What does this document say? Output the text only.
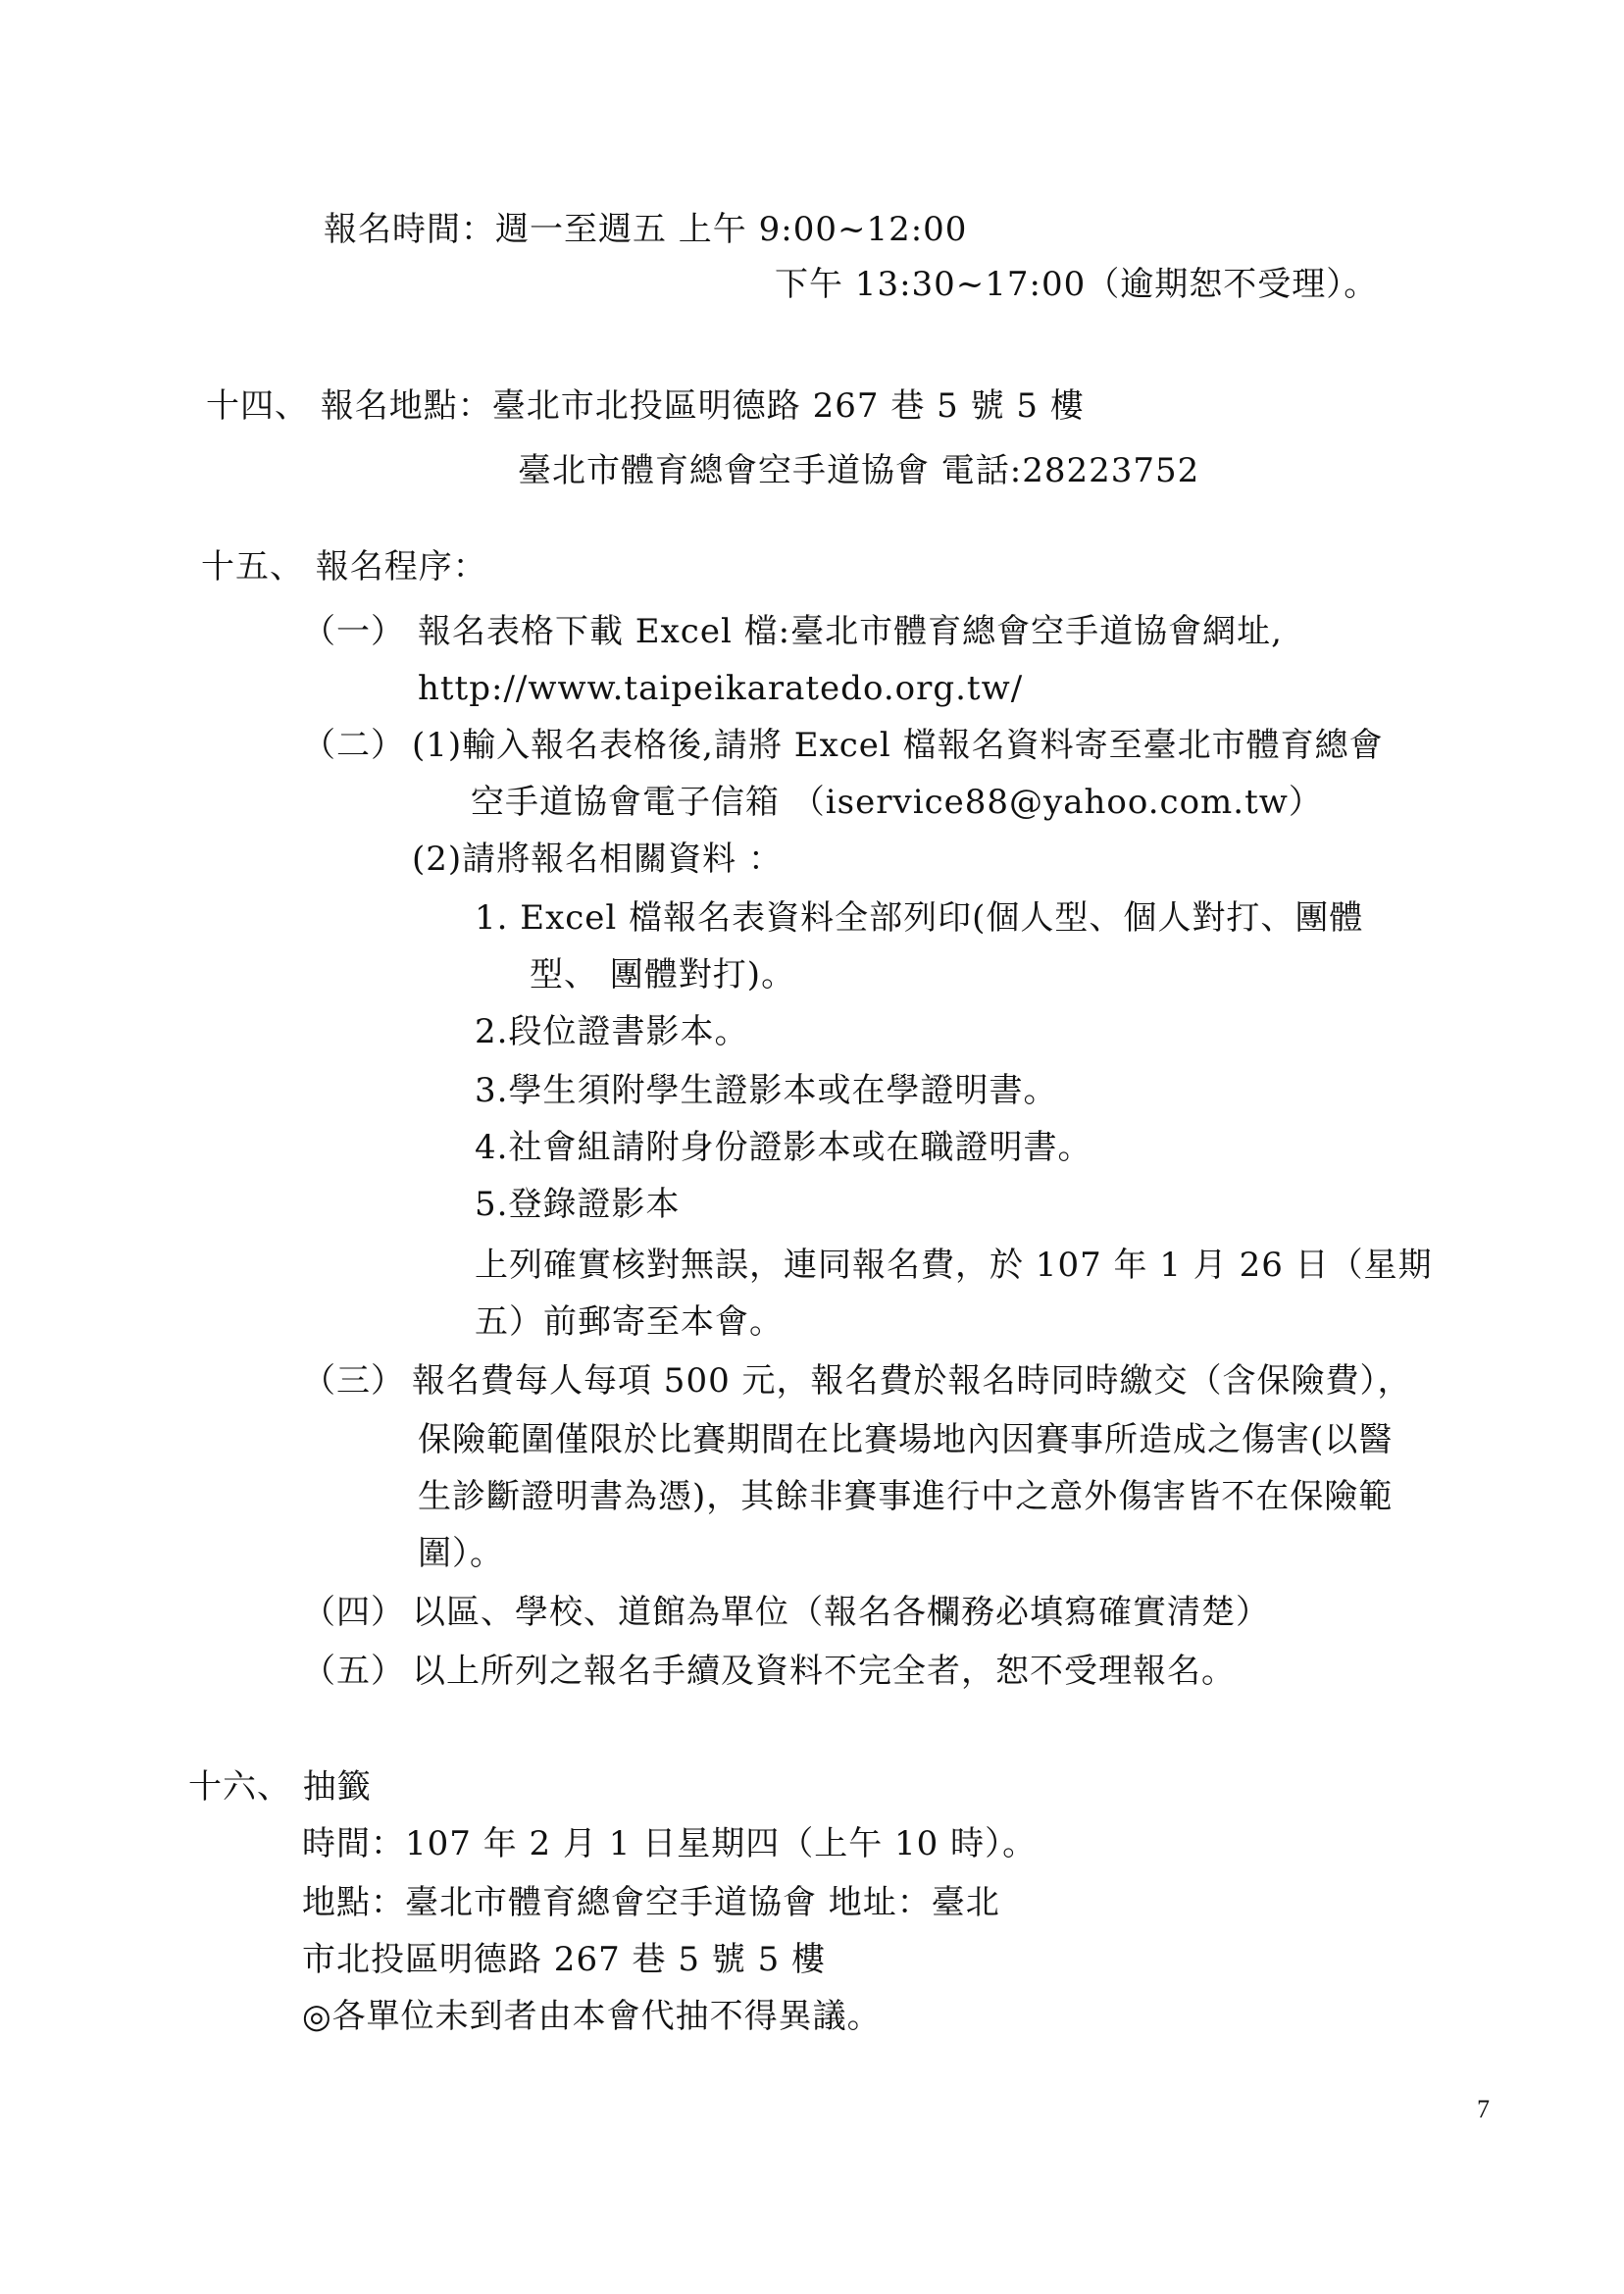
報名時間：週一至週五 上午 9:00~12:00
下午 13:30~17:00（逾期恕不受理）。
十四、 報名地點：臺北市北投區明德路 267 巷 5 號 5 樓
臺北市體育總會空手道協會 電話:28223752
十五、 報名程序：
（一） 報名表格下載 Excel 檔:臺北市體育總會空手道協會網址,
http://www.taipeikaratedo.org.tw/
（二） (1)輸入報名表格後,請將 Excel 檔報名資料寄至臺北市體育總會
空手道協會電子信箱 （iservice88@yahoo.com.tw）
(2)請將報名相關資料 ：
1. Excel 檔報名表資料全部列印(個人型、個人對打、團體
型、 團體對打)。
2.段位證書影本。
3.學生須附學生證影本或在學證明書。
4.社會組請附身份證影本或在職證明書。
5.登錄證影本
上列確實核對無誤，連同報名費，於 107 年 1 月 26 日（星期
五）前郵寄至本會。
（三） 報名費每人每項 500 元，報名費於報名時同時繳交（含保險費），
保險範圍僅限於比賽期間在比賽場地內因賽事所造成之傷害(以醫
生診斷證明書為憑)，其餘非賽事進行中之意外傷害皆不在保險範
圍）。
（四） 以區、學校、道館為單位（報名各欄務必填寫確實清楚）
（五） 以上所列之報名手續及資料不完全者，恕不受理報名。
十六、 抽籤
時間：107 年 2 月 1 日星期四（上午 10 時）。
地點：臺北市體育總會空手道協會 地址：臺北
市北投區明德路 267 巷 5 號 5 樓
◎各單位未到者由本會代抽不得異議。
7
